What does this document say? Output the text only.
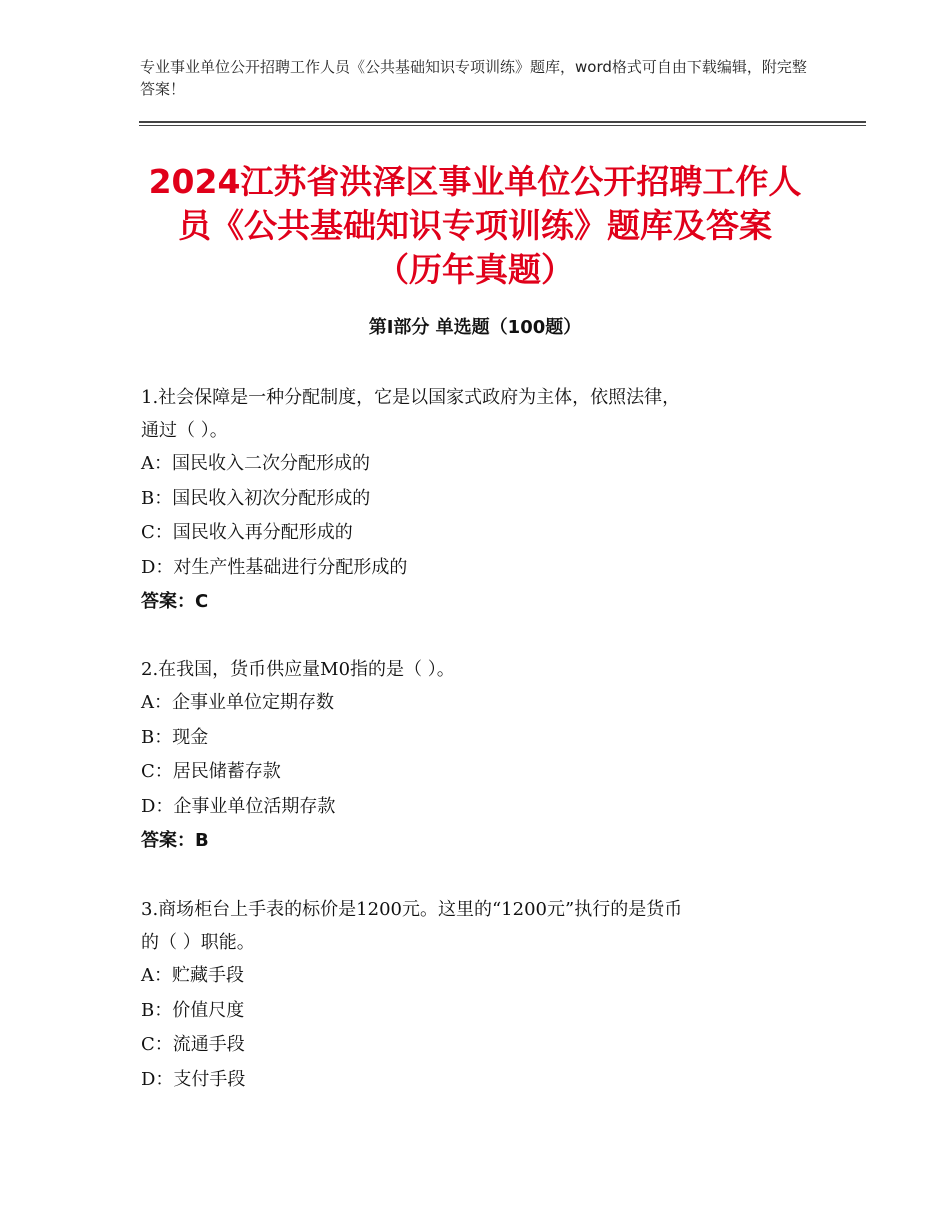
专业事业单位公开招聘工作人员《公共基础知识专项训练》题库，word格式可自由下载编辑，附完整答案！
2024江苏省洪泽区事业单位公开招聘工作人
员《公共基础知识专项训练》题库及答案
（历年真题）
第Ⅰ部分 单选题（100题）

1.社会保障是一种分配制度，它是以国家式政府为主体，依照法律，

通过（ ）。

A：国民收入二次分配形成的

B：国民收入初次分配形成的

C：国民收入再分配形成的

D：对生产性基础进行分配形成的

答案：C

2.在我国，货币供应量M0指的是（ ）。

A：企事业单位定期存数

B：现金

C：居民储蓄存款

D：企事业单位活期存款

答案：B

3.商场柜台上手表的标价是1200元。这里的“1200元”执行的是货币

的（ ）职能。

A：贮藏手段

B：价值尺度

C：流通手段

D：支付手段
